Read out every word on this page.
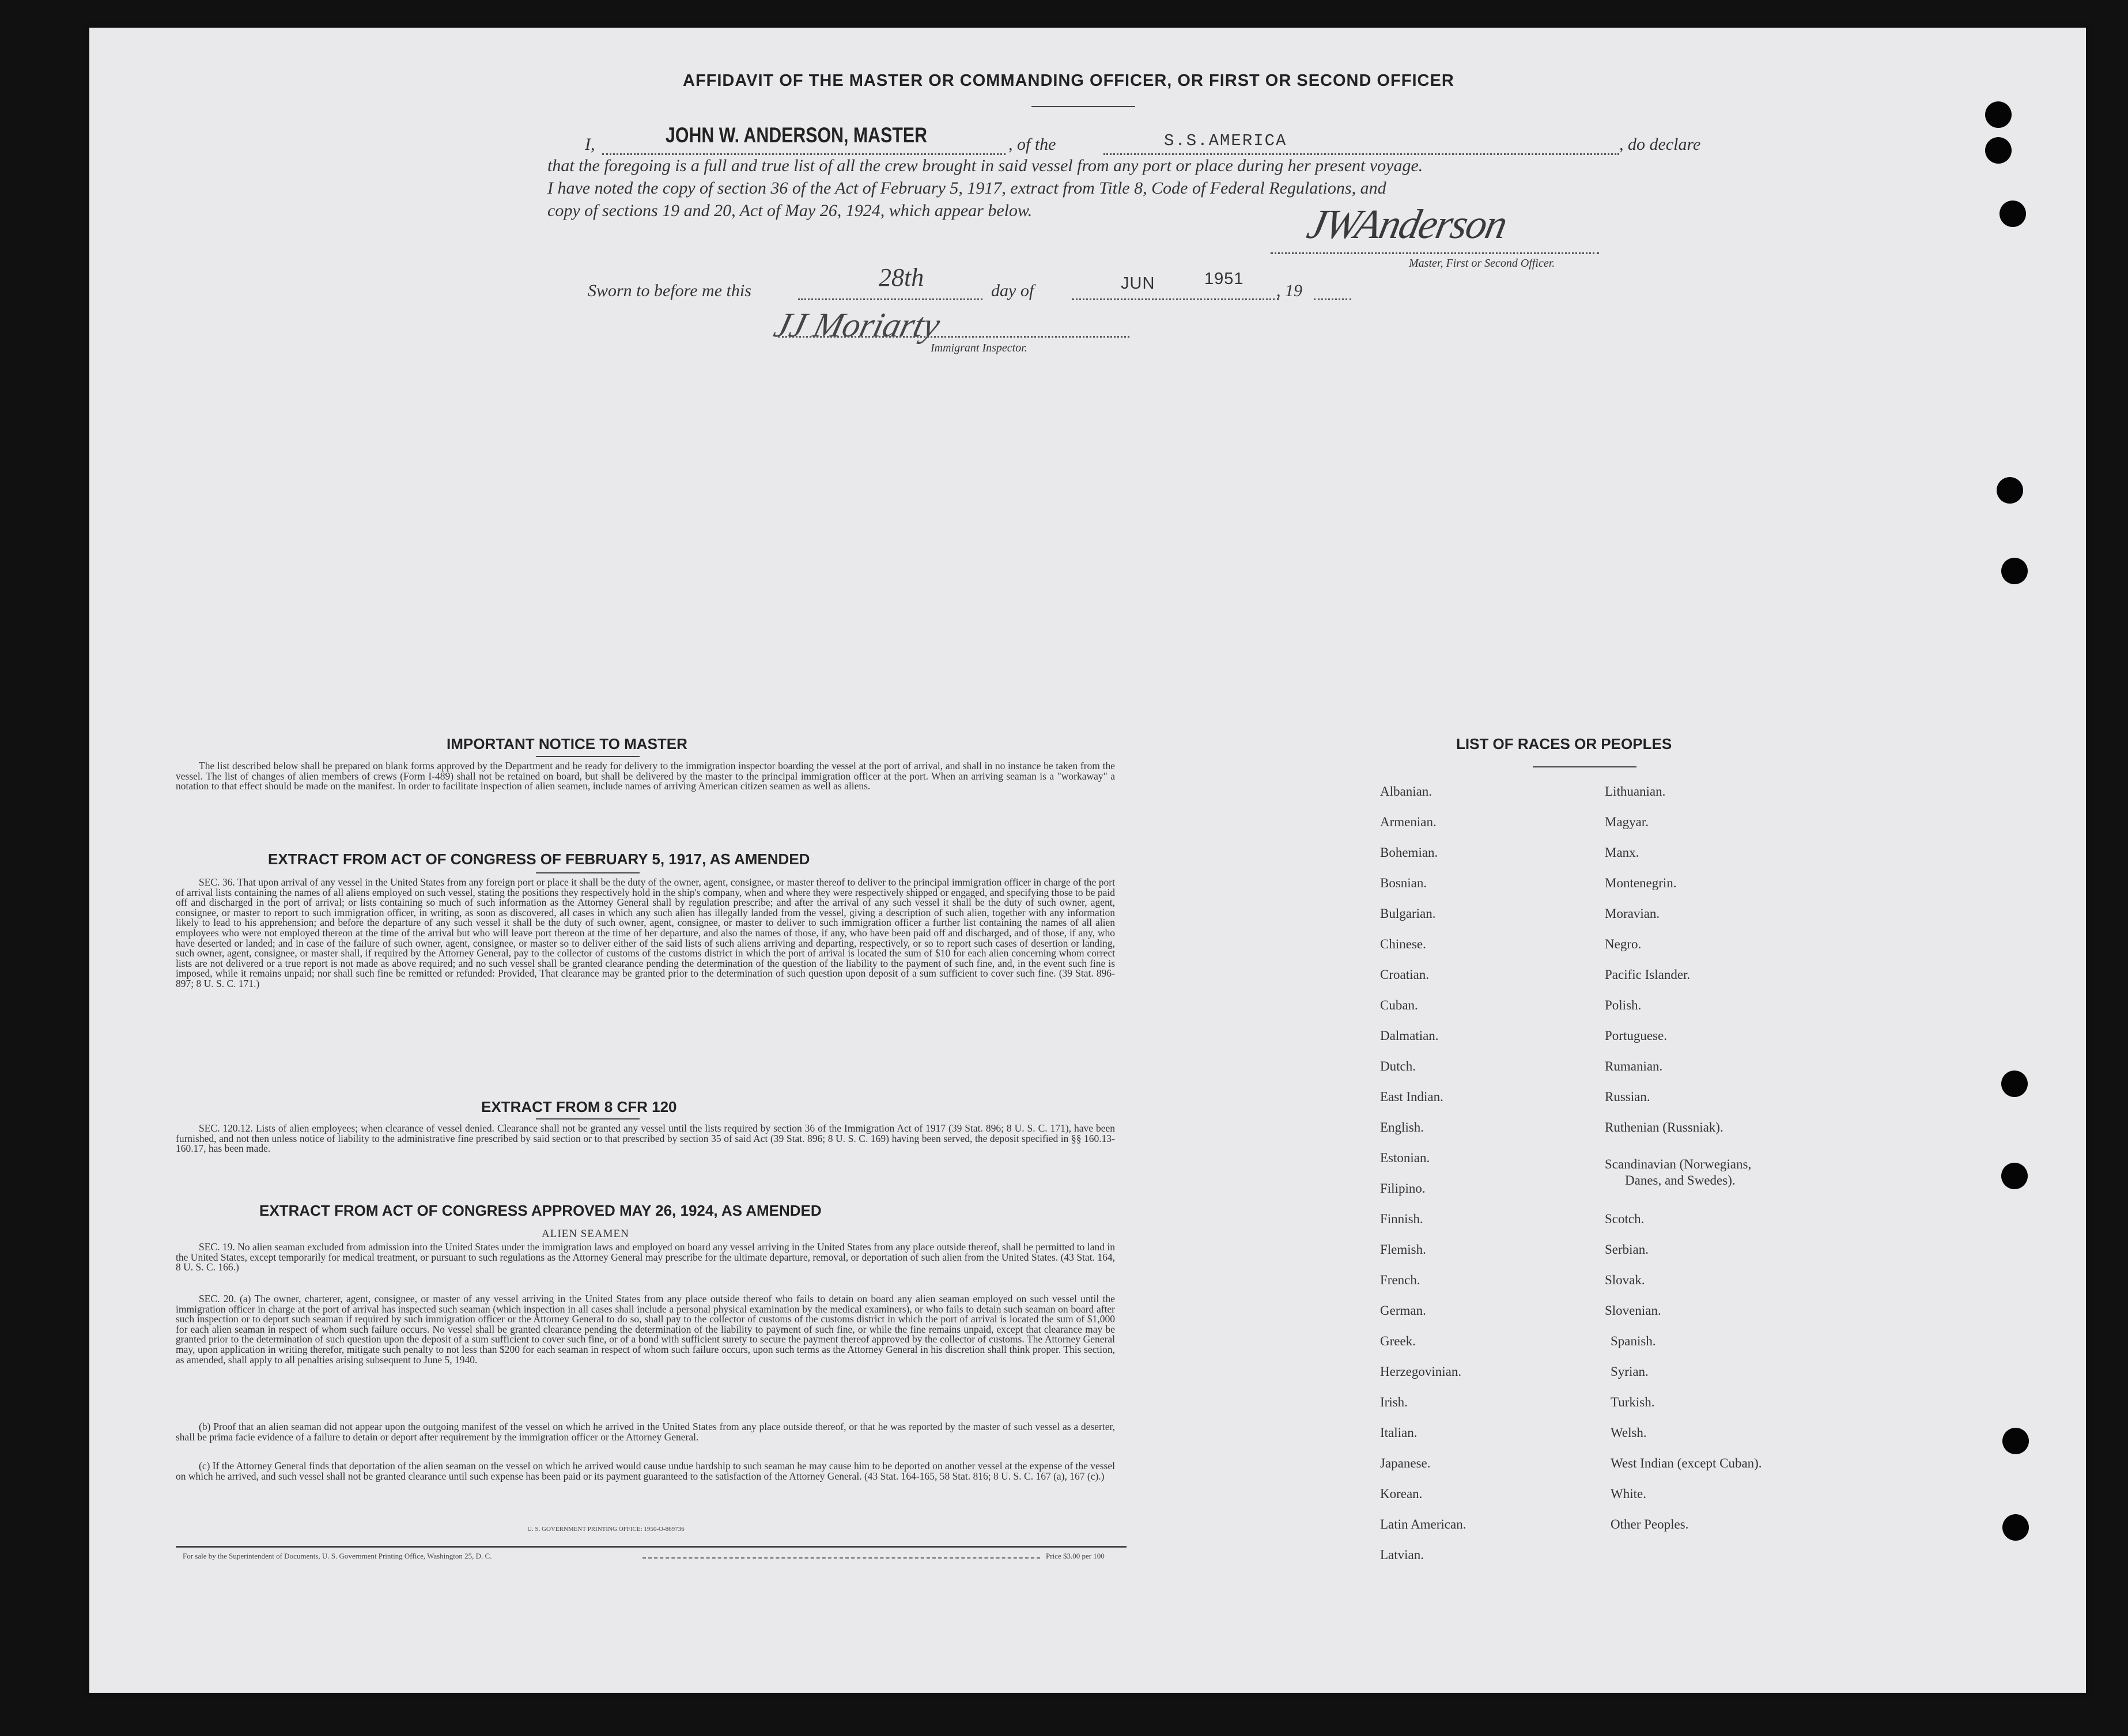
AFFIDAVIT OF THE MASTER OR COMMANDING OFFICER, OR FIRST OR SECOND OFFICER
I,	JOHN W. ANDERSON, MASTER	, of the	S.S.AMERICA	, do declare
that the foregoing is a full and true list of all the crew brought in said vessel from any port or place during her present voyage.
I have noted the copy of section 36 of the Act of February 5, 1917, extract from Title 8, Code of Federal Regulations, and
copy of sections 19 and 20, Act of May 26, 1924, which appear below.	JWAnderson
Master, First or Second Officer.
Sworn to before me this	28th	day of	JUN	1951
, 19
JJ Moriarty
Immigrant Inspector.
IMPORTANT NOTICE TO MASTER
The list described below shall be prepared on blank forms approved by the Department and be ready for delivery to the immigration inspector boarding the vessel at the port of arrival, and shall in no instance be taken from the vessel. The list of changes of alien members of crews (Form I-489) shall not be retained on board, but shall be delivered by the master to the principal immigration officer at the port. When an arriving seaman is a "workaway" a notation to that effect should be made on the manifest. In order to facilitate inspection of alien seamen, include names of arriving American citizen seamen as well as aliens.
EXTRACT FROM ACT OF CONGRESS OF FEBRUARY 5, 1917, AS AMENDED
SEC. 36. That upon arrival of any vessel in the United States from any foreign port or place it shall be the duty of the owner, agent, consignee, or master thereof to deliver to the principal immigration officer in charge of the port of arrival lists containing the names of all aliens employed on such vessel, stating the positions they respectively hold in the ship's company, when and where they were respectively shipped or engaged, and specifying those to be paid off and discharged in the port of arrival; or lists containing so much of such information as the Attorney General shall by regulation prescribe; and after the arrival of any such vessel it shall be the duty of such owner, agent, consignee, or master to report to such immigration officer, in writing, as soon as discovered, all cases in which any such alien has illegally landed from the vessel, giving a description of such alien, together with any information likely to lead to his apprehension; and before the departure of any such vessel it shall be the duty of such owner, agent, consignee, or master to deliver to such immigration officer a further list containing the names of all alien employees who were not employed thereon at the time of the arrival but who will leave port thereon at the time of her departure, and also the names of those, if any, who have been paid off and discharged, and of those, if any, who have deserted or landed; and in case of the failure of such owner, agent, consignee, or master so to deliver either of the said lists of such aliens arriving and departing, respectively, or so to report such cases of desertion or landing, such owner, agent, consignee, or master shall, if required by the Attorney General, pay to the collector of customs of the customs district in which the port of arrival is located the sum of $10 for each alien concerning whom correct lists are not delivered or a true report is not made as above required; and no such vessel shall be granted clearance pending the determination of the question of the liability to the payment of such fine, and, in the event such fine is imposed, while it remains unpaid; nor shall such fine be remitted or refunded: Provided, That clearance may be granted prior to the determination of such question upon deposit of a sum sufficient to cover such fine. (39 Stat. 896-897; 8 U. S. C. 171.)
EXTRACT FROM 8 CFR 120
SEC. 120.12. Lists of alien employees; when clearance of vessel denied. Clearance shall not be granted any vessel until the lists required by section 36 of the Immigration Act of 1917 (39 Stat. 896; 8 U. S. C. 171), have been furnished, and not then unless notice of liability to the administrative fine prescribed by said section or to that prescribed by section 35 of said Act (39 Stat. 896; 8 U. S. C. 169) having been served, the deposit specified in §§ 160.13-160.17, has been made.
EXTRACT FROM ACT OF CONGRESS APPROVED MAY 26, 1924, AS AMENDED
ALIEN SEAMEN
SEC. 19. No alien seaman excluded from admission into the United States under the immigration laws and employed on board any vessel arriving in the United States from any place outside thereof, shall be permitted to land in the United States, except temporarily for medical treatment, or pursuant to such regulations as the Attorney General may prescribe for the ultimate departure, removal, or deportation of such alien from the United States. (43 Stat. 164, 8 U. S. C. 166.)
SEC. 20. (a) The owner, charterer, agent, consignee, or master of any vessel arriving in the United States from any place outside thereof who fails to detain on board any alien seaman employed on such vessel until the immigration officer in charge at the port of arrival has inspected such seaman (which inspection in all cases shall include a personal physical examination by the medical examiners), or who fails to detain such seaman on board after such inspection or to deport such seaman if required by such immigration officer or the Attorney General to do so, shall pay to the collector of customs of the customs district in which the port of arrival is located the sum of $1,000 for each alien seaman in respect of whom such failure occurs. No vessel shall be granted clearance pending the determination of the liability to payment of such fine, or while the fine remains unpaid, except that clearance may be granted prior to the determination of such question upon the deposit of a sum sufficient to cover such fine, or of a bond with sufficient surety to secure the payment thereof approved by the collector of customs. The Attorney General may, upon application in writing therefor, mitigate such penalty to not less than $200 for each seaman in respect of whom such failure occurs, upon such terms as the Attorney General in his discretion shall think proper. This section, as amended, shall apply to all penalties arising subsequent to June 5, 1940.
(b) Proof that an alien seaman did not appear upon the outgoing manifest of the vessel on which he arrived in the United States from any place outside thereof, or that he was reported by the master of such vessel as a deserter, shall be prima facie evidence of a failure to detain or deport after requirement by the immigration officer or the Attorney General.
(c) If the Attorney General finds that deportation of the alien seaman on the vessel on which he arrived would cause undue hardship to such seaman he may cause him to be deported on another vessel at the expense of the vessel on which he arrived, and such vessel shall not be granted clearance until such expense has been paid or its payment guaranteed to the satisfaction of the Attorney General. (43 Stat. 164-165, 58 Stat. 816; 8 U. S. C. 167 (a), 167 (c).)
U. S. GOVERNMENT PRINTING OFFICE: 1950-O-869736
For sale by the Superintendent of Documents, U. S. Government Printing Office, Washington 25, D. C.	Price $3.00 per 100
LIST OF RACES OR PEOPLES
Albanian.
Armenian.
Bohemian.
Bosnian.
Bulgarian.
Chinese.
Croatian.
Cuban.
Dalmatian.
Dutch.
East Indian.
English.
Estonian.
Filipino.
Finnish.
Flemish.
French.
German.
Greek.
Herzegovinian.
Irish.
Italian.
Japanese.
Korean.
Latin American.
Latvian.
Lithuanian.
Magyar.
Manx.
Montenegrin.
Moravian.
Negro.
Pacific Islander.
Polish.
Portuguese.
Rumanian.
Russian.
Ruthenian (Russniak).
Scandinavian (Norwegians,
Danes, and Swedes).
Scotch.
Serbian.
Slovak.
Slovenian.
Spanish.
Syrian.
Turkish.
Welsh.
West Indian (except Cuban).
White.
Other Peoples.
